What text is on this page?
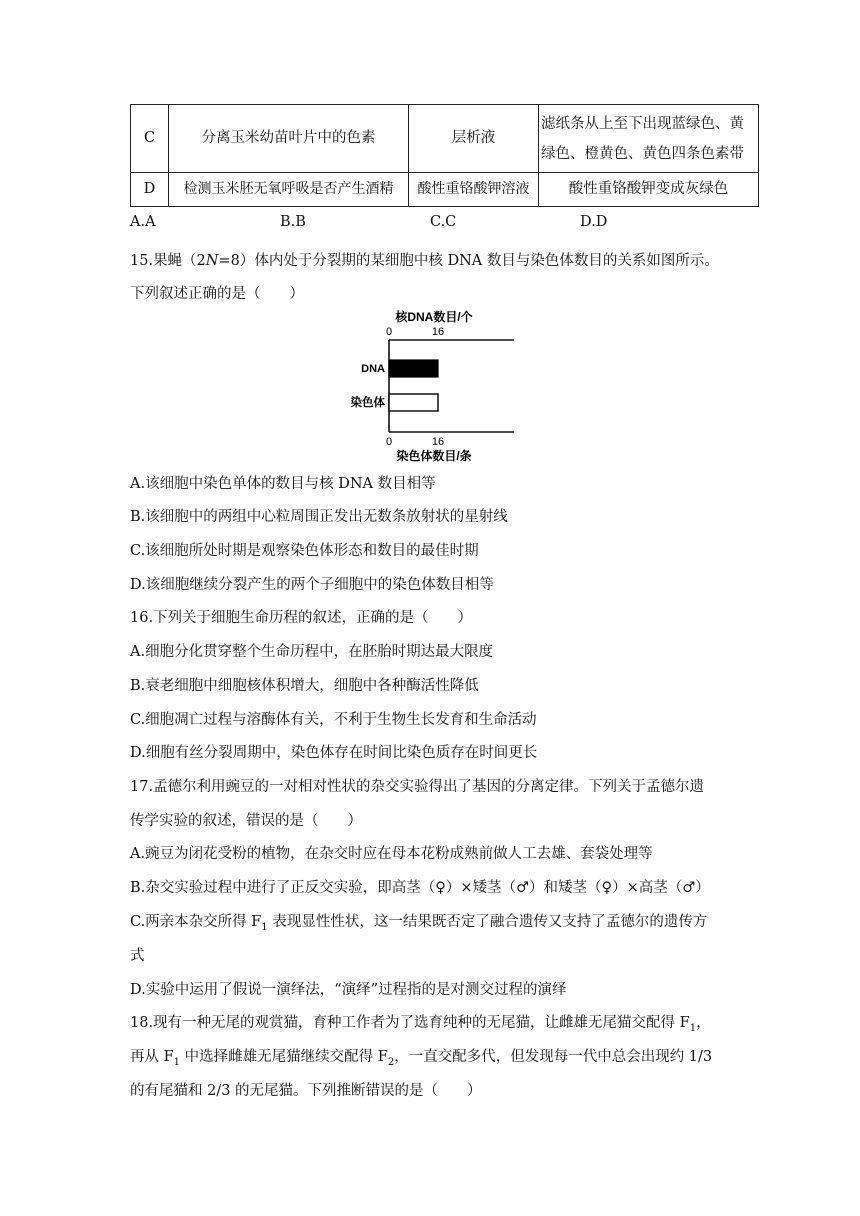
C	分离玉米幼苗叶片中的色素	层析液	滤纸条从上至下出现蓝绿色、黄绿色、橙黄色、黄色四条色素带
D	检测玉米胚无氧呼吸是否产生酒精	酸性重铬酸钾溶液	酸性重铬酸钾变成灰绿色
A.A	B.B	C.C	D.D
15.果蝇（2N=8）体内处于分裂期的某细胞中核 DNA 数目与染色体数目的关系如图所示。
下列叙述正确的是（　　）
核DNA数目/个
0	16
DNA
染色体
0	16
染色体数目/条
A.该细胞中染色单体的数目与核 DNA 数目相等
B.该细胞中的两组中心粒周围正发出无数条放射状的星射线
C.该细胞所处时期是观察染色体形态和数目的最佳时期
D.该细胞继续分裂产生的两个子细胞中的染色体数目相等
16.下列关于细胞生命历程的叙述，正确的是（　　）
A.细胞分化贯穿整个生命历程中，在胚胎时期达最大限度
B.衰老细胞中细胞核体积增大，细胞中各种酶活性降低
C.细胞凋亡过程与溶酶体有关，不利于生物生长发育和生命活动
D.细胞有丝分裂周期中，染色体存在时间比染色质存在时间更长
17.孟德尔利用豌豆的一对相对性状的杂交实验得出了基因的分离定律。下列关于孟德尔遗
传学实验的叙述，错误的是（　　）
A.豌豆为闭花受粉的植物，在杂交时应在母本花粉成熟前做人工去雄、套袋处理等
B.杂交实验过程中进行了正反交实验，即高茎（♀）×矮茎（♂）和矮茎（♀）×高茎（♂）
C.两亲本杂交所得 $F_1$ 表现显性性状，这一结果既否定了融合遗传又支持了孟德尔的遗传方
式
D.实验中运用了假说一演绎法，“演绎”过程指的是对测交过程的演绎
18.现有一种无尾的观赏猫，育种工作者为了选育纯种的无尾猫，让雌雄无尾猫交配得 $F_1$，
再从 $F_1$ 中选择雌雄无尾猫继续交配得 $F_2$，一直交配多代，但发现每一代中总会出现约 1/3
的有尾猫和 2/3 的无尾猫。下列推断错误的是（　　）
